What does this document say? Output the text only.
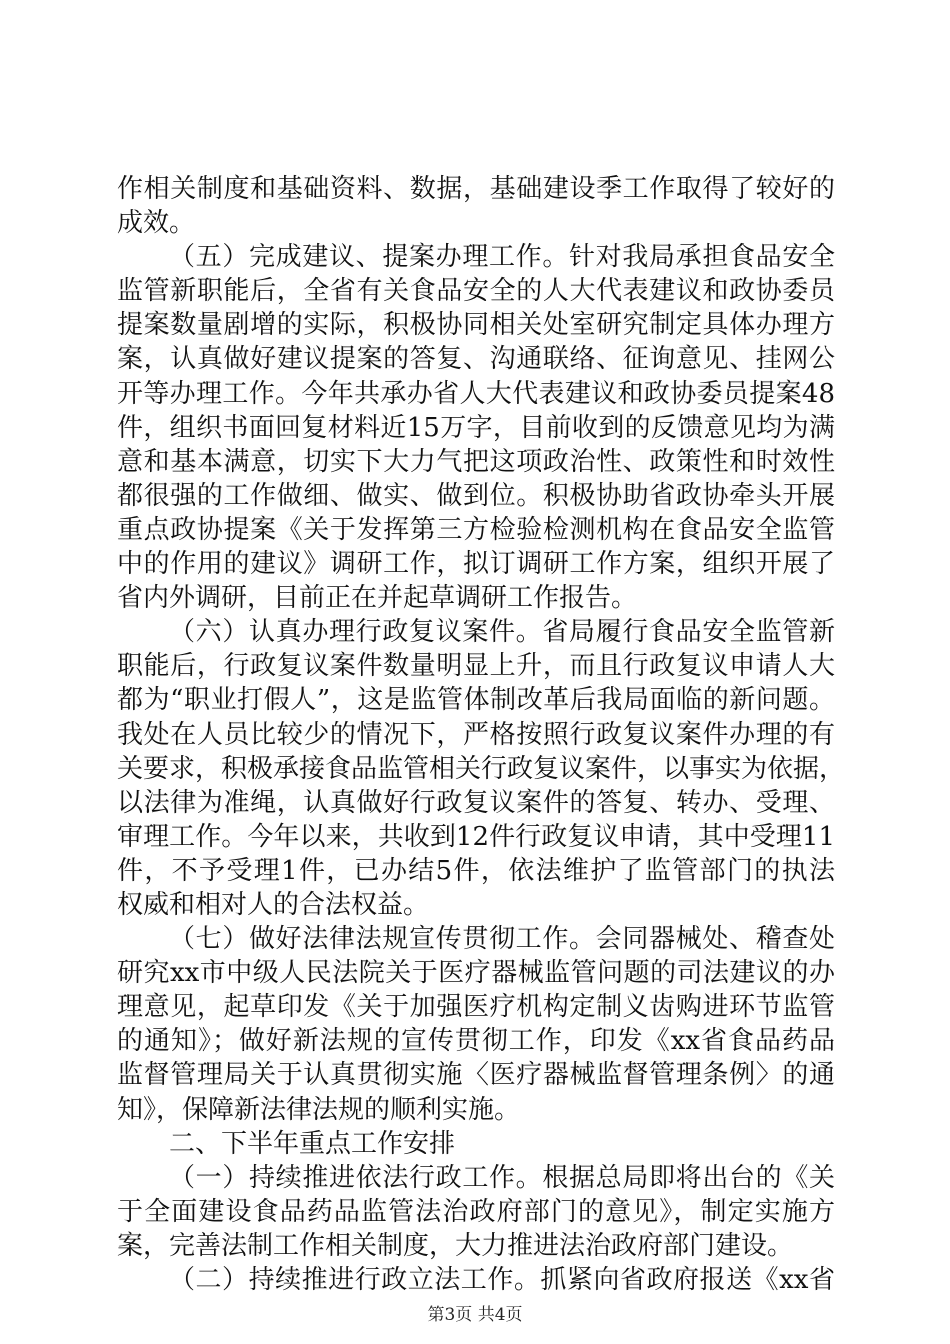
作相关制度和基础资料、数据，基础建设季工作取得了较好的
成效。
（五）完成建议、提案办理工作。针对我局承担食品安全
监管新职能后，全省有关食品安全的人大代表建议和政协委员
提案数量剧增的实际，积极协同相关处室研究制定具体办理方
案，认真做好建议提案的答复、沟通联络、征询意见、挂网公
开等办理工作。今年共承办省人大代表建议和政协委员提案48
件，组织书面回复材料近15万字，目前收到的反馈意见均为满
意和基本满意，切实下大力气把这项政治性、政策性和时效性
都很强的工作做细、做实、做到位。积极协助省政协牵头开展
重点政协提案《关于发挥第三方检验检测机构在食品安全监管
中的作用的建议》调研工作，拟订调研工作方案，组织开展了
省内外调研，目前正在并起草调研工作报告。
（六）认真办理行政复议案件。省局履行食品安全监管新
职能后，行政复议案件数量明显上升，而且行政复议申请人大
都为“职业打假人”，这是监管体制改革后我局面临的新问题。
我处在人员比较少的情况下，严格按照行政复议案件办理的有
关要求，积极承接食品监管相关行政复议案件，以事实为依据，
以法律为准绳，认真做好行政复议案件的答复、转办、受理、
审理工作。今年以来，共收到12件行政复议申请，其中受理11
件，不予受理1件，已办结5件，依法维护了监管部门的执法
权威和相对人的合法权益。
（七）做好法律法规宣传贯彻工作。会同器械处、稽查处
研究xx市中级人民法院关于医疗器械监管问题的司法建议的办
理意见，起草印发《关于加强医疗机构定制义齿购进环节监管
的通知》；做好新法规的宣传贯彻工作，印发《xx省食品药品
监督管理局关于认真贯彻实施〈医疗器械监督管理条例〉的通
知》，保障新法律法规的顺利实施。
二、下半年重点工作安排
（一）持续推进依法行政工作。根据总局即将出台的《关
于全面建设食品药品监管法治政府部门的意见》，制定实施方
案，完善法制工作相关制度，大力推进法治政府部门建设。
（二）持续推进行政立法工作。抓紧向省政府报送《xx省
第3页 共4页
